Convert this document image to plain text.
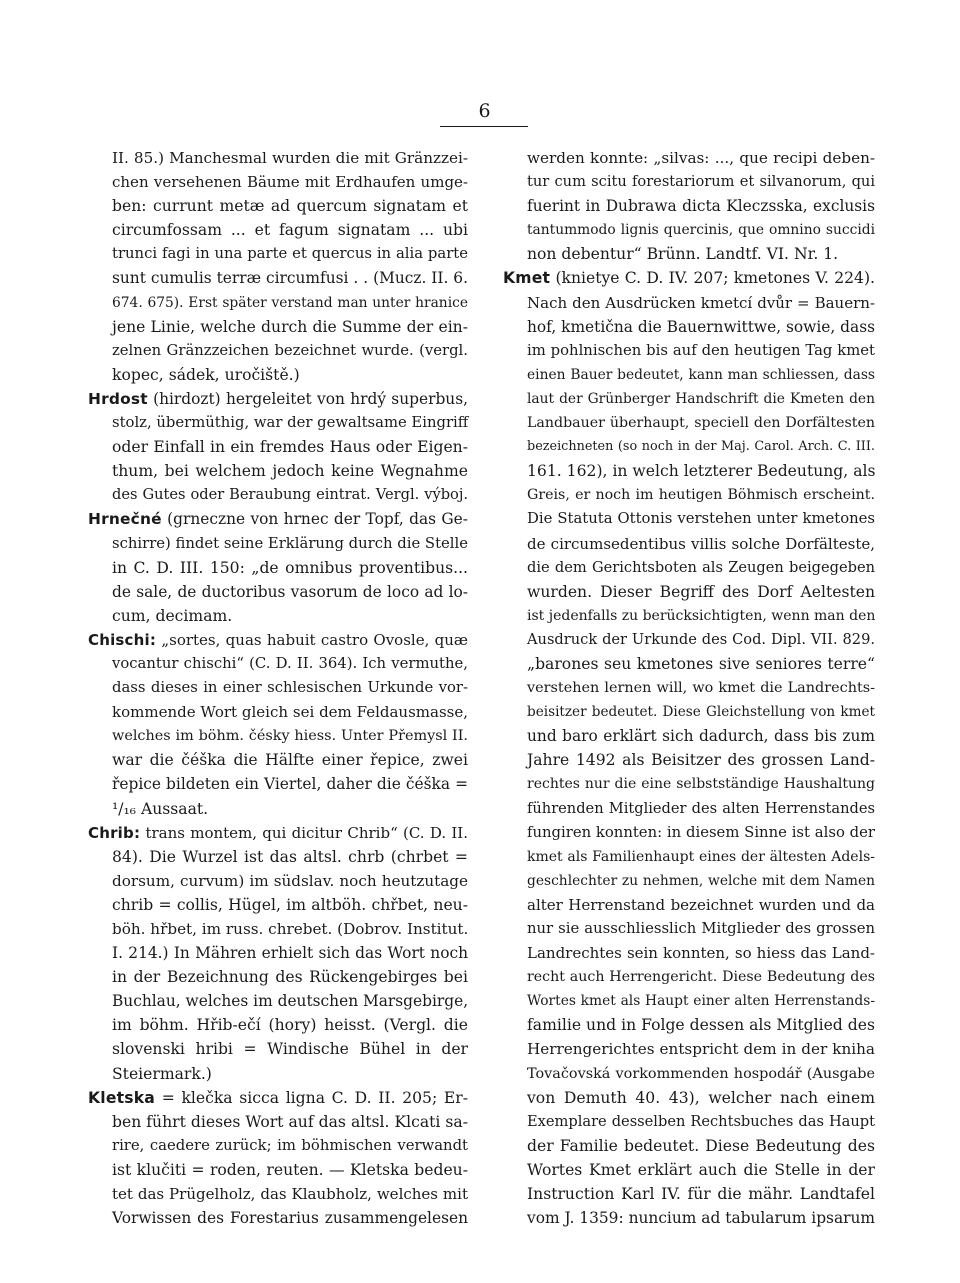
6
II. 85.) Manchesmal wurden die mit Gränzzei-
chen versehenen Bäume mit Erdhaufen umge-
ben: currunt metæ ad quercum signatam et
circumfossam ... et fagum signatam ... ubi
trunci fagi in una parte et quercus in alia parte
sunt cumulis terræ circumfusi . . (Mucz. II. 6.
674. 675). Erst später verstand man unter hranice
jene Linie, welche durch die Summe der ein-
zelnen Gränzzeichen bezeichnet wurde. (vergl.
kopec, sádek, uročiště.)
Hrdost (hirdozt) hergeleitet von hrdý superbus,
stolz, übermüthig, war der gewaltsame Eingriff
oder Einfall in ein fremdes Haus oder Eigen-
thum, bei welchem jedoch keine Wegnahme
des Gutes oder Beraubung eintrat. Vergl. výboj.
Hrnečné (grneczne von hrnec der Topf, das Ge-
schirre) findet seine Erklärung durch die Stelle
in C. D. III. 150: „de omnibus proventibus...
de sale, de ductoribus vasorum de loco ad lo-
cum, decimam.
Chischi: „sortes, quas habuit castro Ovosle, quæ
vocantur chischi“ (C. D. II. 364). Ich vermuthe,
dass dieses in einer schlesischen Urkunde vor-
kommende Wort gleich sei dem Feldausmasse,
welches im böhm. čésky hiess. Unter Přemysl II.
war die čéška die Hälfte einer řepice, zwei
řepice bildeten ein Viertel, daher die čéška =
¹/₁₆ Aussaat.
Chrib: trans montem, qui dicitur Chrib“ (C. D. II.
84). Die Wurzel ist das altsl. chrb (chrbet =
dorsum, curvum) im südslav. noch heutzutage
chrib = collis, Hügel, im altböh. chřbet, neu-
böh. hřbet, im russ. chrebet. (Dobrov. Institut.
I. 214.) In Mähren erhielt sich das Wort noch
in der Bezeichnung des Rückengebirges bei
Buchlau, welches im deutschen Marsgebirge,
im böhm. Hřib-ečí (hory) heisst. (Vergl. die
slovenski hribi = Windische Bühel in der
Steiermark.)
Kletska = klečka sicca ligna C. D. II. 205; Er-
ben führt dieses Wort auf das altsl. Klcati sa-
rire, caedere zurück; im böhmischen verwandt
ist klučiti = roden, reuten. — Kletska bedeu-
tet das Prügelholz, das Klaubholz, welches mit
Vorwissen des Forestarius zusammengelesen
werden konnte: „silvas: ..., que recipi deben-
tur cum scitu forestariorum et silvanorum, qui
fuerint in Dubrawa dicta Kleczsska, exclusis
tantummodo lignis quercinis, que omnino succidi
non debentur“ Brünn. Landtf. VI. Nr. 1.
Kmet (knietye C. D. IV. 207; kmetones V. 224).
Nach den Ausdrücken kmetcí dvůr = Bauern-
hof, kmetična die Bauernwittwe, sowie, dass
im pohlnischen bis auf den heutigen Tag kmet
einen Bauer bedeutet, kann man schliessen, dass
laut der Grünberger Handschrift die Kmeten den
Landbauer überhaupt, speciell den Dorfältesten
bezeichneten (so noch in der Maj. Carol. Arch. C. III.
161. 162), in welch letzterer Bedeutung, als
Greis, er noch im heutigen Böhmisch erscheint.
Die Statuta Ottonis verstehen unter kmetones
de circumsedentibus villis solche Dorfälteste,
die dem Gerichtsboten als Zeugen beigegeben
wurden. Dieser Begriff des Dorf Aeltesten
ist jedenfalls zu berücksichtigten, wenn man den
Ausdruck der Urkunde des Cod. Dipl. VII. 829.
„barones seu kmetones sive seniores terre“
verstehen lernen will, wo kmet die Landrechts-
beisitzer bedeutet. Diese Gleichstellung von kmet
und baro erklärt sich dadurch, dass bis zum
Jahre 1492 als Beisitzer des grossen Land-
rechtes nur die eine selbstständige Haushaltung
führenden Mitglieder des alten Herrenstandes
fungiren konnten: in diesem Sinne ist also der
kmet als Familienhaupt eines der ältesten Adels-
geschlechter zu nehmen, welche mit dem Namen
alter Herrenstand bezeichnet wurden und da
nur sie ausschliesslich Mitglieder des grossen
Landrechtes sein konnten, so hiess das Land-
recht auch Herrengericht. Diese Bedeutung des
Wortes kmet als Haupt einer alten Herrenstands-
familie und in Folge dessen als Mitglied des
Herrengerichtes entspricht dem in der kniha
Tovačovská vorkommenden hospodář (Ausgabe
von Demuth 40. 43), welcher nach einem
Exemplare desselben Rechtsbuches das Haupt
der Familie bedeutet. Diese Bedeutung des
Wortes Kmet erklärt auch die Stelle in der
Instruction Karl IV. für die mähr. Landtafel
vom J. 1359: nuncium ad tabularum ipsarum
